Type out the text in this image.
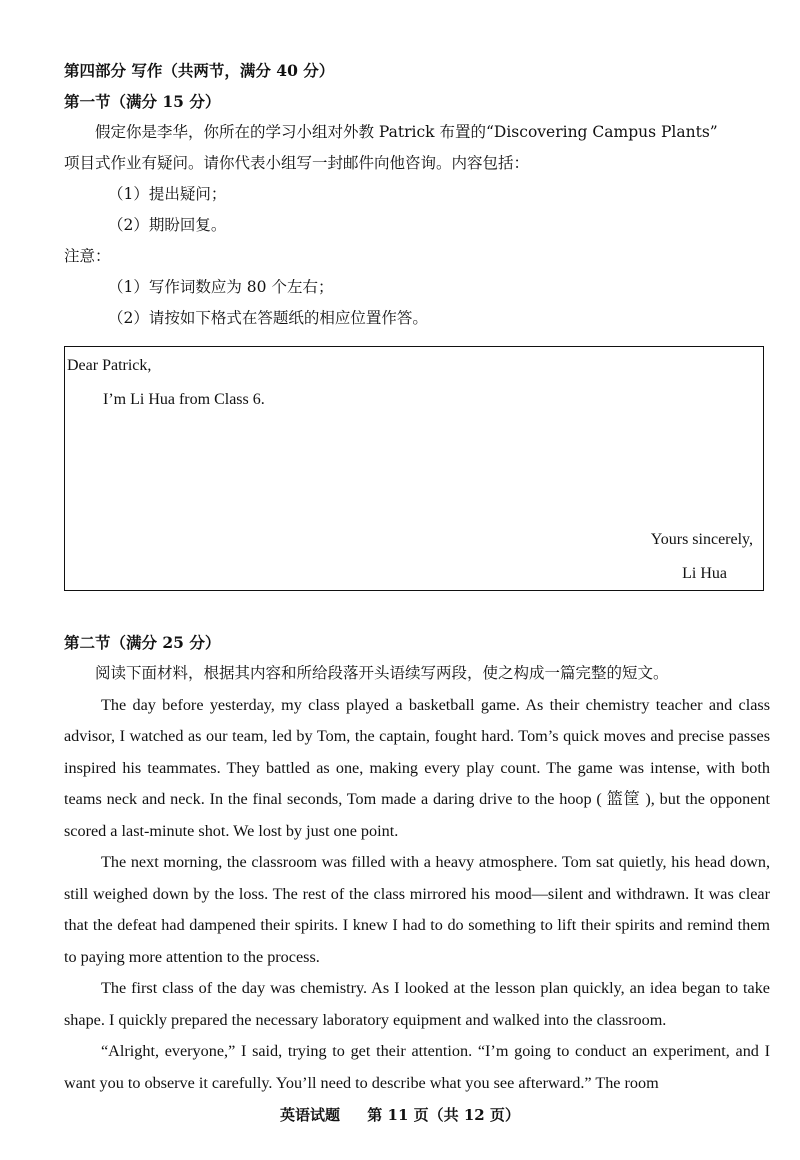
第四部分 写作（共两节，满分 40 分）
第一节（满分 15 分）
假定你是李华，你所在的学习小组对外教 Patrick 布置的“Discovering Campus Plants”
项目式作业有疑问。请你代表小组写一封邮件向他咨询。内容包括：
（1）提出疑问；
（2）期盼回复。
注意：
（1）写作词数应为 80 个左右；
（2）请按如下格式在答题纸的相应位置作答。
Dear Patrick,
I’m Li Hua from Class 6.
Yours sincerely,
Li Hua
第二节（满分 25 分）

阅读下面材料，根据其内容和所给段落开头语续写两段，使之构成一篇完整的短文。

The day before yesterday, my class played a basketball game. As their chemistry teacher and class advisor, I watched as our team, led by Tom, the captain, fought hard. Tom’s quick moves and precise passes inspired his teammates. They battled as one, making every play count. The game was intense, with both teams neck and neck. In the final seconds, Tom made a daring drive to the hoop ( 篮筐 ), but the opponent scored a last-minute shot. We lost by just one point.

The next morning, the classroom was filled with a heavy atmosphere. Tom sat quietly, his head down, still weighed down by the loss. The rest of the class mirrored his mood—silent and withdrawn. It was clear that the defeat had dampened their spirits. I knew I had to do something to lift their spirits and remind them to paying more attention to the process.

The first class of the day was chemistry. As I looked at the lesson plan quickly, an idea began to take shape. I quickly prepared the necessary laboratory equipment and walked into the classroom.

“Alright, everyone,” I said, trying to get their attention. “I’m going to conduct an experiment, and I want you to observe it carefully. You’ll need to describe what you see afterward.” The room

英语试题 第 11 页（共 12 页）
